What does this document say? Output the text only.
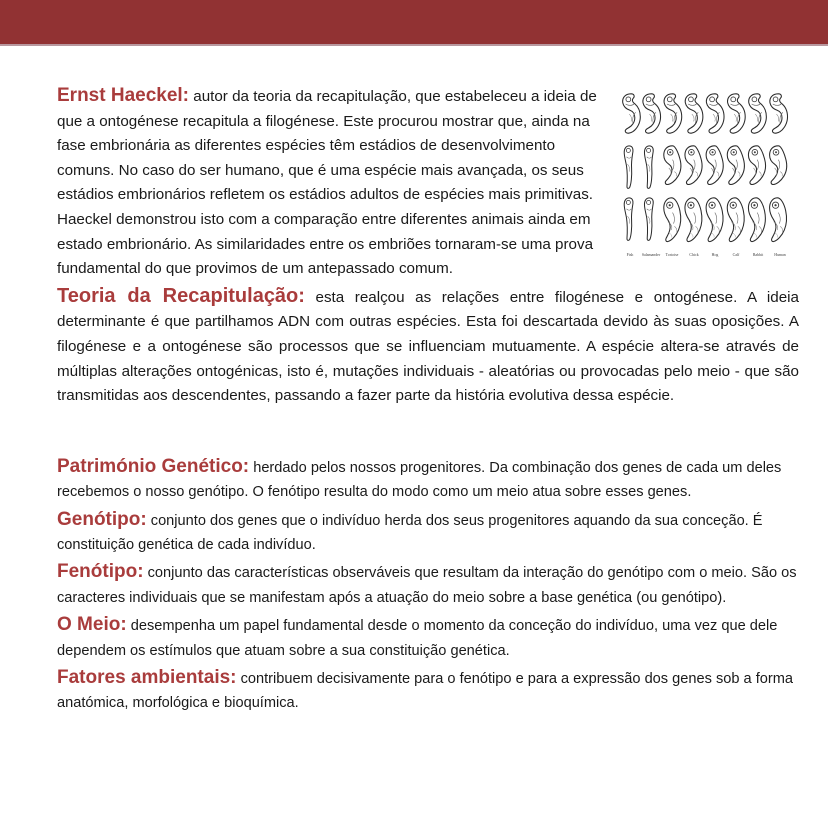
Fish Salamander Tortoise	Chick	Hog	Calf	Rabbit	Human
Ernst Haeckel: autor da teoria da recapitulação, que estabeleceu a ideia de que a ontogénese recapitula a filogénese. Este procurou mostrar que, ainda na fase embrionária as diferentes espécies têm estádios de desenvolvimento comuns. No caso do ser humano, que é uma espécie mais avançada, os seus estádios embrionários refletem os estádios adultos de espécies mais primitivas. Haeckel demonstrou isto com a comparação entre diferentes animais ainda em estado embrionário. As similaridades entre os embriões tornaram-se uma prova fundamental do que provimos de um antepassado comum.
Teoria da Recapitulação: esta realçou as relações entre filogénese e ontogénese. A ideia determinante é que partilhamos ADN com outras espécies. Esta foi descartada devido às suas oposições. A filogénese e a ontogénese são processos que se influenciam mutuamente. A espécie altera-se através de múltiplas alterações ontogénicas, isto é, mutações individuais - aleatórias ou provocadas pelo meio - que são transmitidas aos descendentes, passando a fazer parte da história evolutiva dessa espécie.
Património Genético: herdado pelos nossos progenitores. Da combinação dos genes de cada um deles recebemos o nosso genótipo. O fenótipo resulta do modo como um meio atua sobre esses genes.
Genótipo: conjunto dos genes que o indivíduo herda dos seus progenitores aquando da sua conceção. É constituição genética de cada indivíduo.
Fenótipo: conjunto das características observáveis que resultam da interação do genótipo com o meio. São os caracteres individuais que se manifestam após a atuação do meio sobre a base genética (ou genótipo).
O Meio: desempenha um papel fundamental desde o momento da conceção do indivíduo, uma vez que dele dependem os estímulos que atuam sobre a sua constituição genética.
Fatores ambientais: contribuem decisivamente para o fenótipo e para a expressão dos genes sob a forma anatómica, morfológica e bioquímica.
